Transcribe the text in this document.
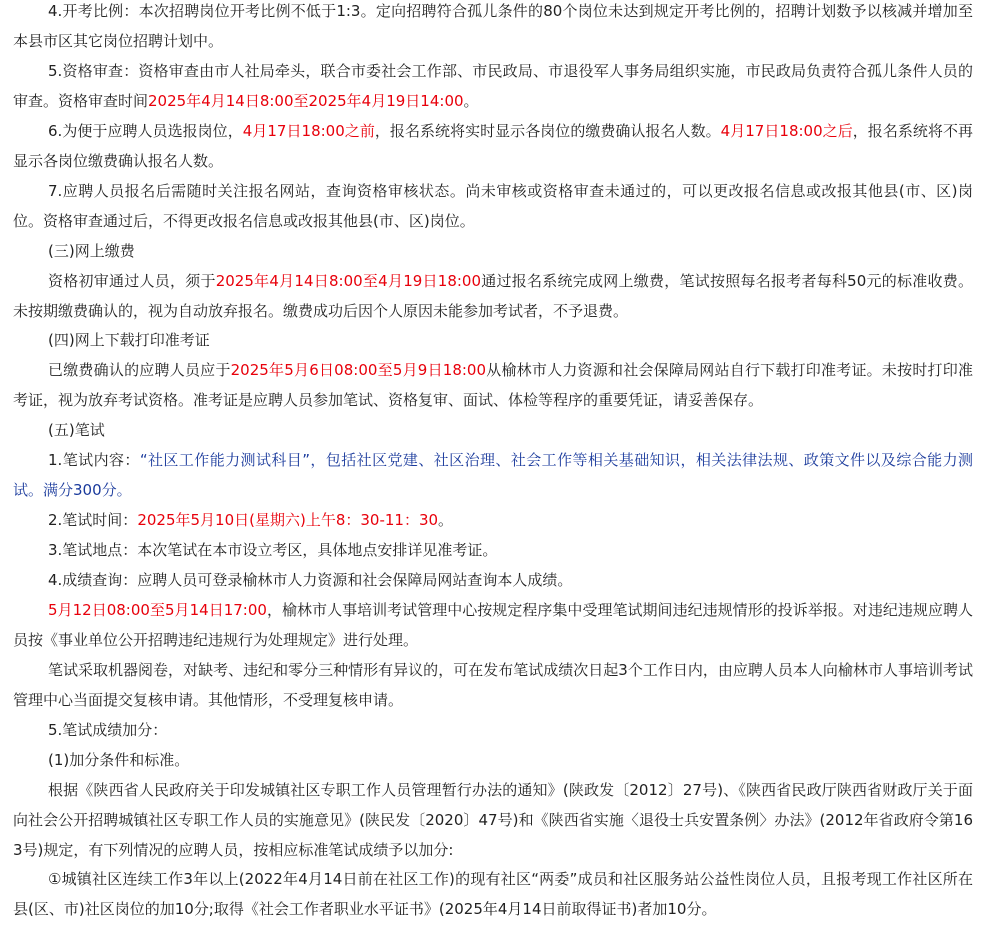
4.开考比例：本次招聘岗位开考比例不低于1:3。定向招聘符合孤儿条件的80个岗位未达到规定开考比例的，招聘计划数予以核减并增加至本县市区其它岗位招聘计划中。
5.资格审查：资格审查由市人社局牵头，联合市委社会工作部、市民政局、市退役军人事务局组织实施，市民政局负责符合孤儿条件人员的审查。资格审查时间2025年4月14日8:00至2025年4月19日14:00。
6.为便于应聘人员选报岗位，4月17日18:00之前，报名系统将实时显示各岗位的缴费确认报名人数。4月17日18:00之后，报名系统将不再显示各岗位缴费确认报名人数。
7.应聘人员报名后需随时关注报名网站，查询资格审核状态。尚未审核或资格审查未通过的，可以更改报名信息或改报其他县(市、区)岗位。资格审查通过后，不得更改报名信息或改报其他县(市、区)岗位。
(三)网上缴费
资格初审通过人员，须于2025年4月14日8:00至4月19日18:00通过报名系统完成网上缴费，笔试按照每名报考者每科50元的标准收费。未按期缴费确认的，视为自动放弃报名。缴费成功后因个人原因未能参加考试者，不予退费。
(四)网上下载打印准考证
已缴费确认的应聘人员应于2025年5月6日08:00至5月9日18:00从榆林市人力资源和社会保障局网站自行下载打印准考证。未按时打印准考证，视为放弃考试资格。准考证是应聘人员参加笔试、资格复审、面试、体检等程序的重要凭证，请妥善保存。
(五)笔试
1.笔试内容：“社区工作能力测试科目”，包括社区党建、社区治理、社会工作等相关基础知识，相关法律法规、政策文件以及综合能力测试。满分300分。
2.笔试时间：2025年5月10日(星期六)上午8：30-11：30。
3.笔试地点：本次笔试在本市设立考区，具体地点安排详见准考证。
4.成绩查询：应聘人员可登录榆林市人力资源和社会保障局网站查询本人成绩。
5月12日08:00至5月14日17:00，榆林市人事培训考试管理中心按规定程序集中受理笔试期间违纪违规情形的投诉举报。对违纪违规应聘人员按《事业单位公开招聘违纪违规行为处理规定》进行处理。
笔试采取机器阅卷，对缺考、违纪和零分三种情形有异议的，可在发布笔试成绩次日起3个工作日内，由应聘人员本人向榆林市人事培训考试管理中心当面提交复核申请。其他情形，不受理复核申请。
5.笔试成绩加分：
(1)加分条件和标准。
根据《陕西省人民政府关于印发城镇社区专职工作人员管理暂行办法的通知》(陕政发〔2012〕27号)、《陕西省民政厅陕西省财政厅关于面向社会公开招聘城镇社区专职工作人员的实施意见》(陕民发〔2020〕47号)和《陕西省实施〈退役士兵安置条例〉办法》(2012年省政府令第163号)规定，有下列情况的应聘人员，按相应标准笔试成绩予以加分:
①城镇社区连续工作3年以上(2022年4月14日前在社区工作)的现有社区“两委”成员和社区服务站公益性岗位人员，且报考现工作社区所在县(区、市)社区岗位的加10分;取得《社会工作者职业水平证书》(2025年4月14日前取得证书)者加10分。
